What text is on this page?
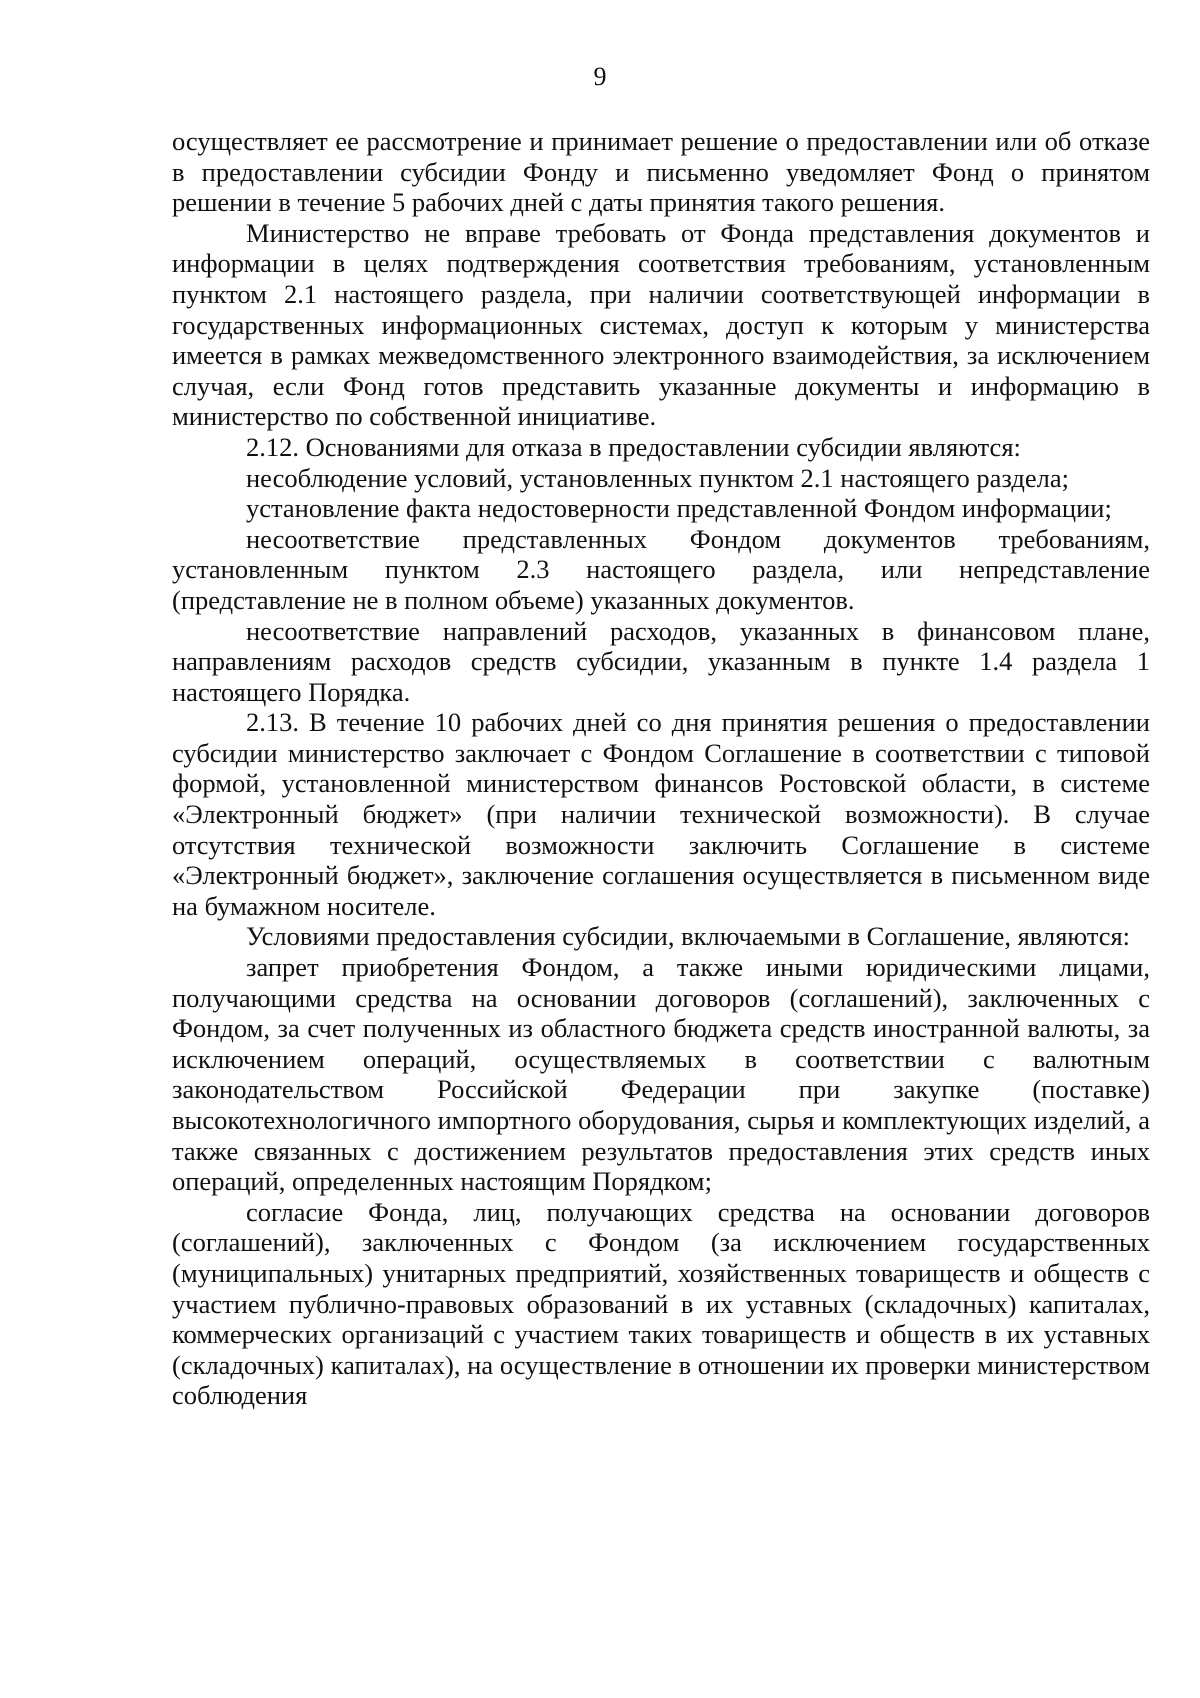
9

осуществляет ее рассмотрение и принимает решение о предоставлении или об отказе в предоставлении субсидии Фонду и письменно уведомляет Фонд о принятом решении в течение 5 рабочих дней с даты принятия такого решения.

Министерство не вправе требовать от Фонда представления документов и информации в целях подтверждения соответствия требованиям, установленным пунктом 2.1 настоящего раздела, при наличии соответствующей информации в государственных информационных системах, доступ к которым у министерства имеется в рамках межведомственного электронного взаимодействия, за исключением случая, если Фонд готов представить указанные документы и информацию в министерство по собственной инициативе.

2.12. Основаниями для отказа в предоставлении субсидии являются:

несоблюдение условий, установленных пунктом 2.1 настоящего раздела;

установление факта недостоверности представленной Фондом информации;

несоответствие представленных Фондом документов требованиям, установленным пунктом 2.3 настоящего раздела, или непредставление (представление не в полном объеме) указанных документов.

несоответствие направлений расходов, указанных в финансовом плане, направлениям расходов средств субсидии, указанным в пункте 1.4 раздела 1 настоящего Порядка.

2.13. В течение 10 рабочих дней со дня принятия решения о предоставлении субсидии министерство заключает с Фондом Соглашение в соответствии с типовой формой, установленной министерством финансов Ростовской области, в системе «Электронный бюджет» (при наличии технической возможности). В случае отсутствия технической возможности заключить Соглашение в системе «Электронный бюджет», заключение соглашения осуществляется в письменном виде на бумажном носителе.

Условиями предоставления субсидии, включаемыми в Соглашение, являются:

запрет приобретения Фондом, а также иными юридическими лицами, получающими средства на основании договоров (соглашений), заключенных с Фондом, за счет полученных из областного бюджета средств иностранной валюты, за исключением операций, осуществляемых в соответствии с валютным законодательством Российской Федерации при закупке (поставке) высокотехнологичного импортного оборудования, сырья и комплектующих изделий, а также связанных с достижением результатов предоставления этих средств иных операций, определенных настоящим Порядком;

согласие Фонда, лиц, получающих средства на основании договоров (соглашений), заключенных с Фондом (за исключением государственных (муниципальных) унитарных предприятий, хозяйственных товариществ и обществ с участием публично-правовых образований в их уставных (складочных) капиталах, коммерческих организаций с участием таких товариществ и обществ в их уставных (складочных) капиталах), на осуществление в отношении их проверки министерством соблюдения
